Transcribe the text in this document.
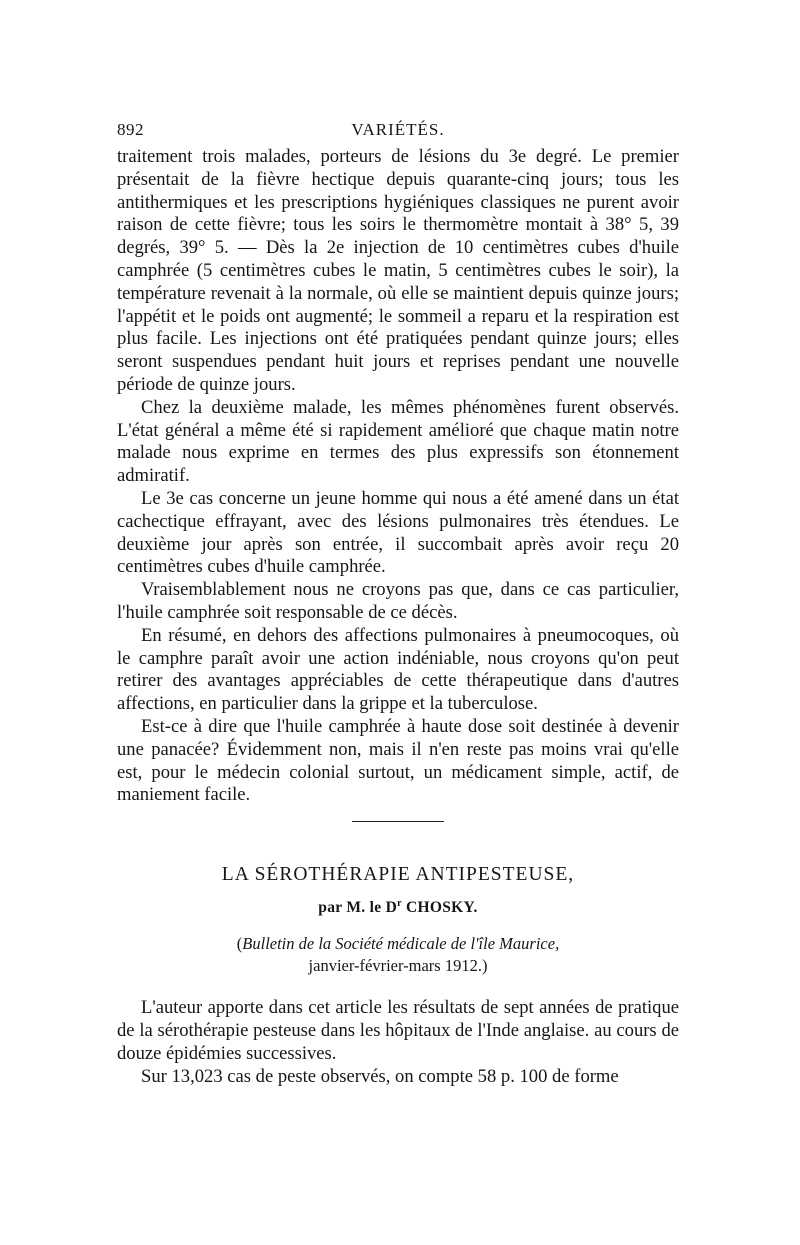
892	VARIÉTÉS.

traitement trois malades, porteurs de lésions du 3e degré. Le premier présentait de la fièvre hectique depuis quarante-cinq jours; tous les antithermiques et les prescriptions hygiéniques classiques ne purent avoir raison de cette fièvre; tous les soirs le thermomètre montait à 38° 5, 39 degrés, 39° 5. — Dès la 2e injection de 10 centimètres cubes d'huile camphrée (5 centimètres cubes le matin, 5 centimètres cubes le soir), la température revenait à la normale, où elle se maintient depuis quinze jours; l'appétit et le poids ont augmenté; le sommeil a reparu et la respiration est plus facile. Les injections ont été pratiquées pendant quinze jours; elles seront suspendues pendant huit jours et reprises pendant une nouvelle période de quinze jours.

Chez la deuxième malade, les mêmes phénomènes furent observés. L'état général a même été si rapidement amélioré que chaque matin notre malade nous exprime en termes des plus expressifs son étonnement admiratif.

Le 3e cas concerne un jeune homme qui nous a été amené dans un état cachectique effrayant, avec des lésions pulmonaires très étendues. Le deuxième jour après son entrée, il succombait après avoir reçu 20 centimètres cubes d'huile camphrée.

Vraisemblablement nous ne croyons pas que, dans ce cas particulier, l'huile camphrée soit responsable de ce décès.

En résumé, en dehors des affections pulmonaires à pneumocoques, où le camphre paraît avoir une action indéniable, nous croyons qu'on peut retirer des avantages appréciables de cette thérapeutique dans d'autres affections, en particulier dans la grippe et la tuberculose.

Est-ce à dire que l'huile camphrée à haute dose soit destinée à devenir une panacée? Évidemment non, mais il n'en reste pas moins vrai qu'elle est, pour le médecin colonial surtout, un médicament simple, actif, de maniement facile.

LA SÉROTHÉRAPIE ANTIPESTEUSE,
par M. le $D^r$ CHOSKY.
(Bulletin de la Société médicale de l'île Maurice,
janvier-février-mars 1912.)

L'auteur apporte dans cet article les résultats de sept années de pratique de la sérothérapie pesteuse dans les hôpitaux de l'Inde anglaise. au cours de douze épidémies successives.

Sur 13,023 cas de peste observés, on compte 58 p. 100 de forme
